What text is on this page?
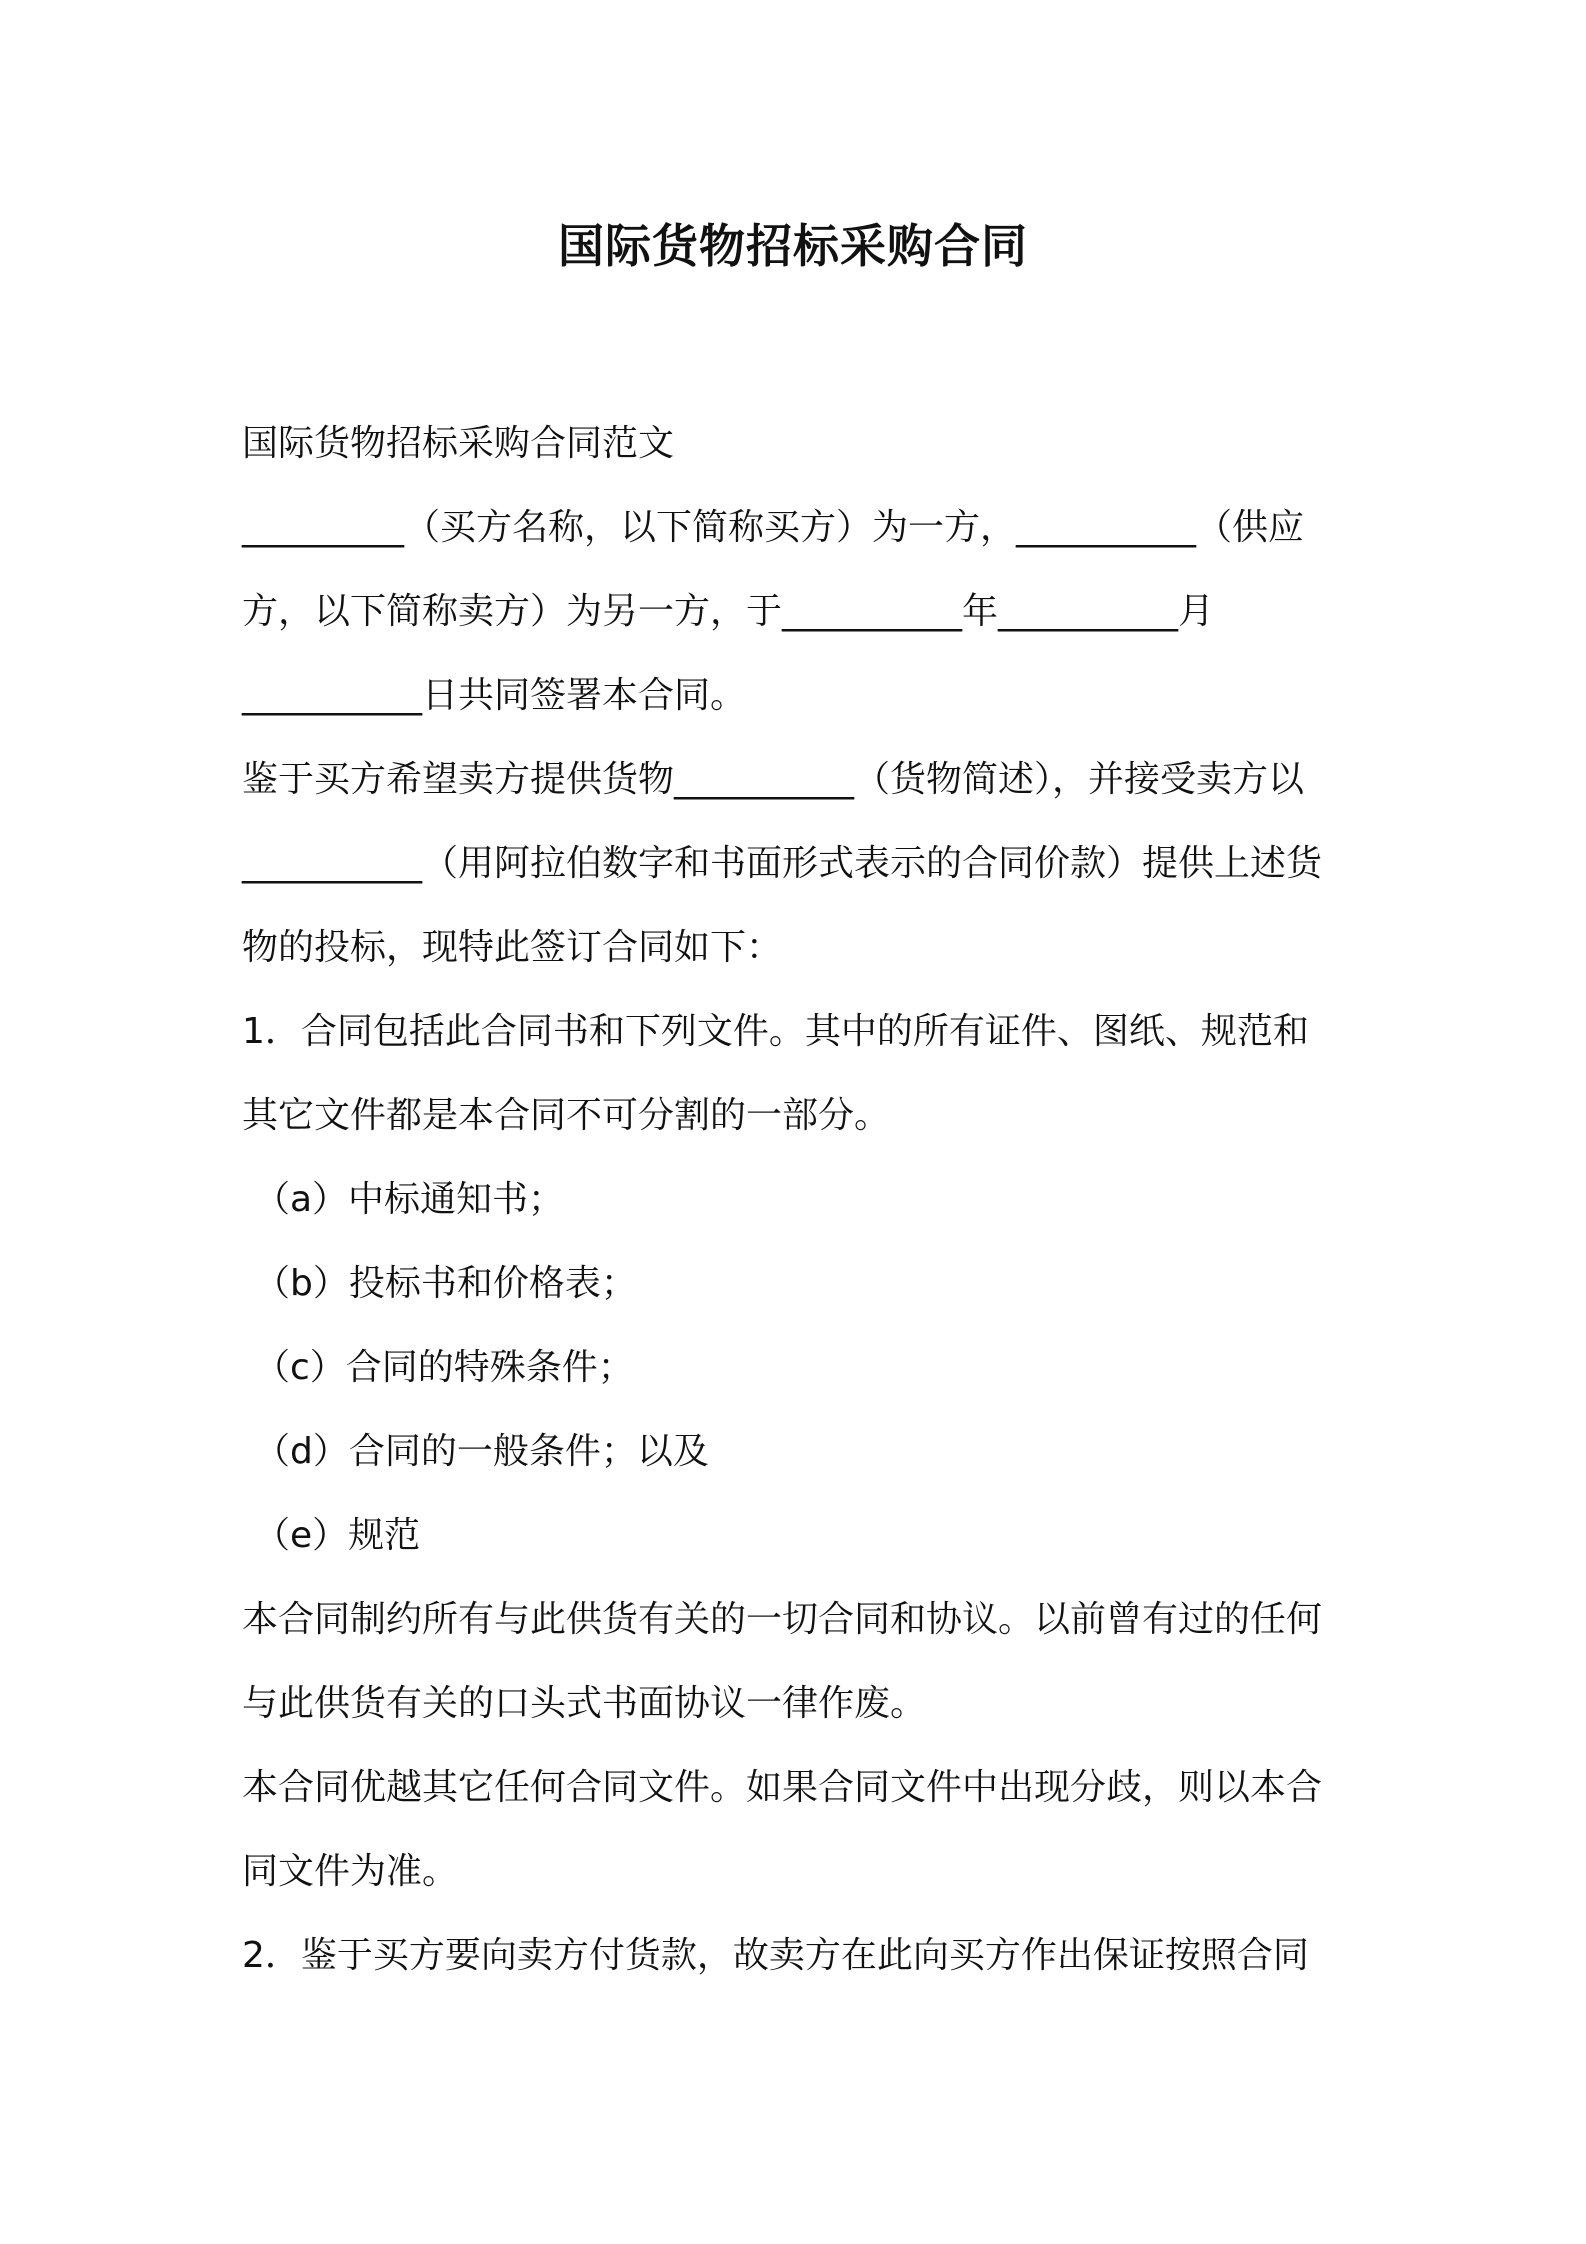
国际货物招标采购合同

国际货物招标采购合同范文

_________（买方名称，以下简称买方）为一方，__________（供应

方，以下简称卖方）为另一方，于__________年__________月

__________日共同签署本合同。

鉴于买方希望卖方提供货物__________（货物简述），并接受卖方以

__________（用阿拉伯数字和书面形式表示的合同价款）提供上述货

物的投标，现特此签订合同如下：

1．合同包括此合同书和下列文件。其中的所有证件、图纸、规范和

其它文件都是本合同不可分割的一部分。

（a）中标通知书；

（b）投标书和价格表；

（c）合同的特殊条件；

（d）合同的一般条件；以及

（e）规范

本合同制约所有与此供货有关的一切合同和协议。以前曾有过的任何

与此供货有关的口头式书面协议一律作废。

本合同优越其它任何合同文件。如果合同文件中出现分歧，则以本合

同文件为准。

2．鉴于买方要向卖方付货款，故卖方在此向买方作出保证按照合同
